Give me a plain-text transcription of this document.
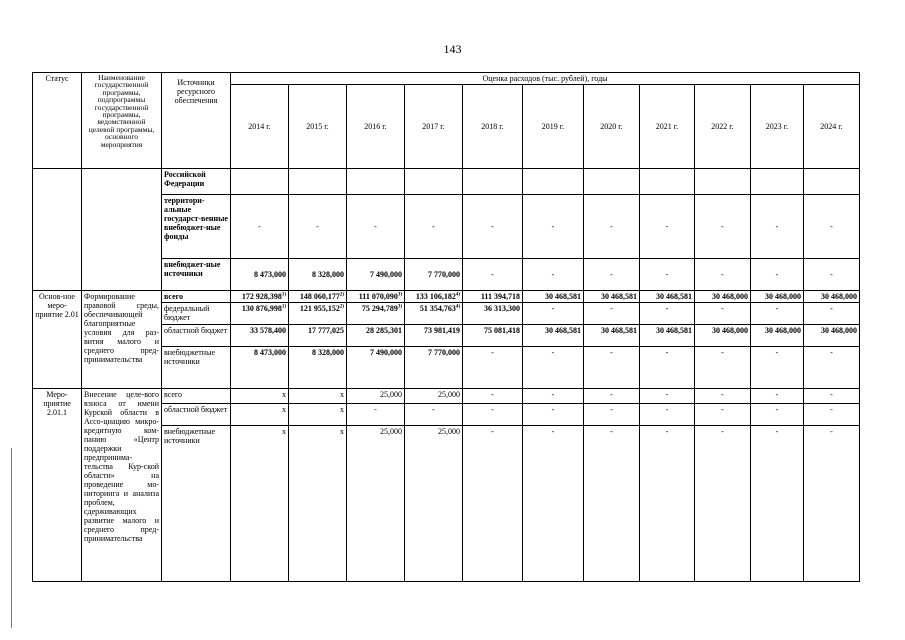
143
Статус	Наименование государственной программы, подпрограммы государственной программы, ведомственной целевой программы, основного мероприятия	Источники ресурсного обеспечения	Оценка расходов (тыс. рублей), годы										
			2014 г.	2015 г.	2016 г.	2017 г.	2018 г.	2019 г.	2020 г.	2021 г.	2022 г.	2023 г.	2024 г.
		Российской Федерации											
		территори-альные государст-венные внебюджет-ные фонды	-	-	-	-	-	-	-	-	-	-	-
		внебюджет-ные источники	8 473,000	8 328,000	7 490,000	7 770,000	-	-	-	-	-	-	-
Основ-ное меро-приятие 2.01	Формирование правовой среды, обеспечивающей благоприятные условия для раз-вития малого и среднего пред-принимательства	всего	172 928,398$^{1)}$	148 060,177$^{2)}$	111 070,090$^{3)}$	133 106,182$^{4)}$	111 394,718	30 468,581	30 468,581	30 468,581	30 468,000	30 468,000	30 468,000
		федеральный бюджет	130 876,998$^{1)}$	121 955,152$^{2)}$	75 294,789$^{3)}$	51 354,763$^{4)}$	36 313,300	-	-	-	-	-	-
		областной бюджет	33 578,400	17 777,025	28 285,301	73 981,419	75 081,418	30 468,581	30 468,581	30 468,581	30 468,000	30 468,000	30 468,000
		внебюджетные источники	8 473,000	8 328,000	7 490,000	7 770,000	-	-	-	-	-	-	-
Меро-приятие 2.01.1	Внесение целе-вого взноса от имени Курской области в Ассо-циацию микро-кредитную ком-панию «Центр поддержки предпринима-тельства Кур-ской области» на проведение мо-ниторинга и анализа проблем, сдерживающих развитие малого и среднего пред-принимательства	всего	x	x	25,000	25,000	-	-	-	-	-	-	-
		областной бюджет	x	x	-	-	-	-	-	-	-	-	-
		внебюджетные источники	x	x	25,000	25,000	-	-	-	-	-	-	-
